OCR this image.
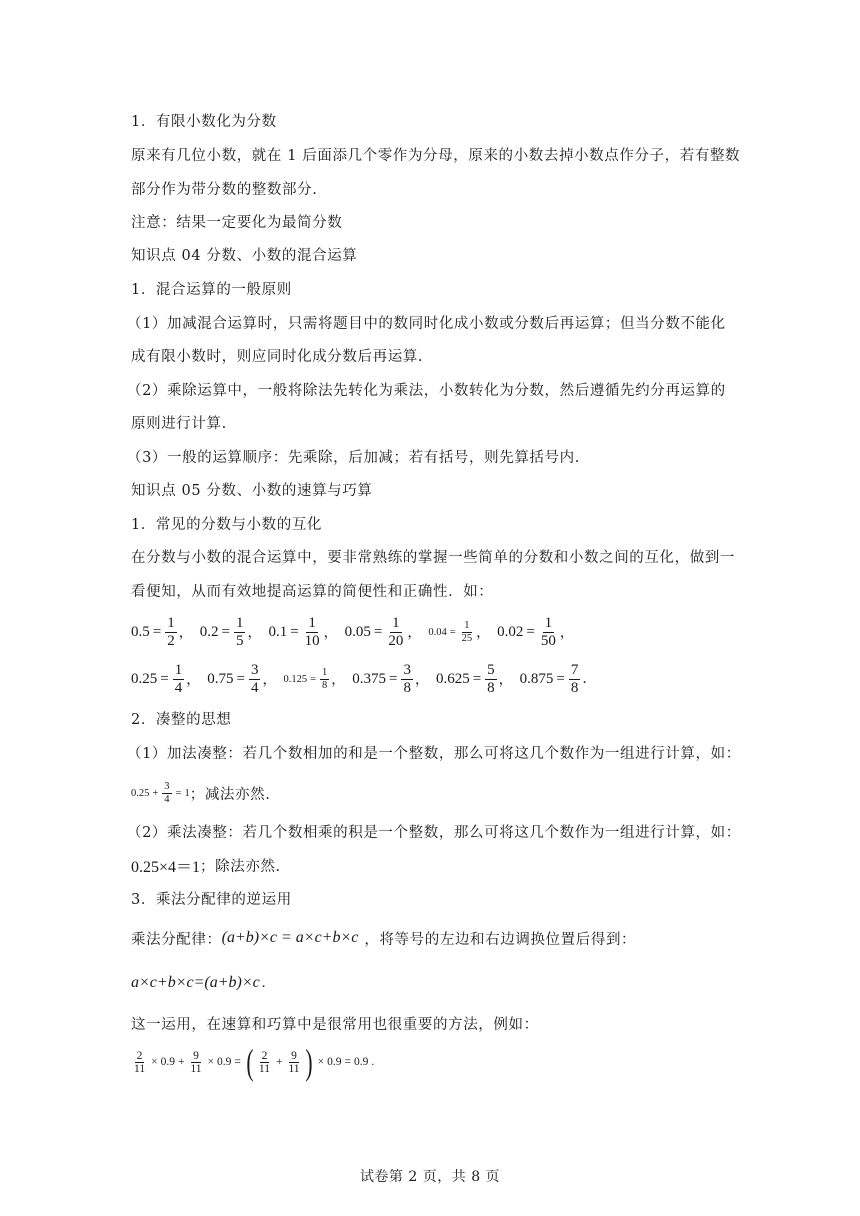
1．有限小数化为分数
原来有几位小数，就在 1 后面添几个零作为分母，原来的小数去掉小数点作分子，若有整数
部分作为带分数的整数部分.
注意：结果一定要化为最简分数
知识点 04 分数、小数的混合运算
1．混合运算的一般原则
（1）加减混合运算时，只需将题目中的数同时化成小数或分数后再运算；但当分数不能化
成有限小数时，则应同时化成分数后再运算.
（2）乘除运算中，一般将除法先转化为乘法，小数转化为分数，然后遵循先约分再运算的
原则进行计算.
（3）一般的运算顺序：先乘除，后加减；若有括号，则先算括号内.
知识点 05 分数、小数的速算与巧算
1．常见的分数与小数的互化
在分数与小数的混合运算中，要非常熟练的掌握一些简单的分数和小数之间的互化，做到一
看便知，从而有效地提高运算的简便性和正确性．如：
$0.5 = \frac{1}{2}$ ， $0.2 = \frac{1}{5}$ ， $0.1 = \frac{1}{10}$ ， $0.05 = \frac{1}{20}$ ， $0.04 = \frac{1}{25}$ ， $0.02 = \frac{1}{50}$ ，
$0.25 = \frac{1}{4}$ ， $0.75 = \frac{3}{4}$ ， $0.125 = \frac{1}{8}$ ， $0.375 = \frac{3}{8}$ ， $0.625 = \frac{5}{8}$ ， $0.875 = \frac{7}{8}$ .
2．凑整的思想
（1）加法凑整：若几个数相加的和是一个整数，那么可将这几个数作为一组进行计算，如：
$0.25 + \frac{3}{4} = 1$ ；减法亦然.
（2）乘法凑整：若几个数相乘的积是一个整数，那么可将这几个数作为一组进行计算，如：
0.25×4＝1 ；除法亦然.
3．乘法分配律的逆运用
乘法分配律： (a+b)×c = a×c+b×c ，将等号的左边和右边调换位置后得到：
a×c+b×c=(a+b)×c .
这一运用，在速算和巧算中是很常用也很重要的方法，例如：
$\frac{2}{11} \times 0.9 + \frac{9}{11} \times 0.9$ = ( $\frac{2}{11} + \frac{9}{11}$ ) × 0.9 = 0.9 .
试卷第 2 页，共 8 页
